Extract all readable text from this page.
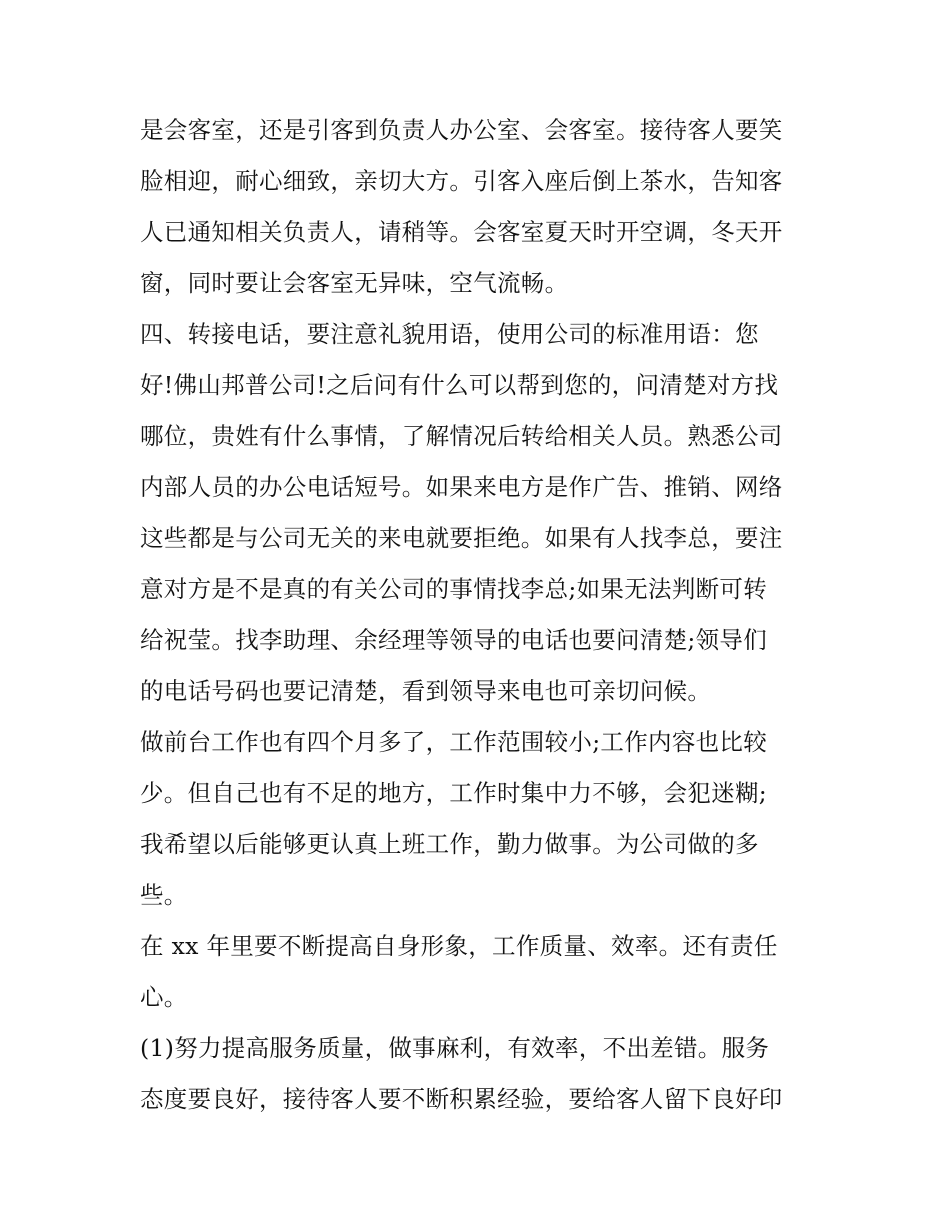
是会客室，还是引客到负责人办公室、会客室。接待客人要笑
脸相迎，耐心细致，亲切大方。引客入座后倒上茶水，告知客
人已通知相关负责人，请稍等。会客室夏天时开空调，冬天开
窗，同时要让会客室无异味，空气流畅。
四、转接电话，要注意礼貌用语，使用公司的标准用语：您
好!佛山邦普公司!之后问有什么可以帮到您的，问清楚对方找
哪位，贵姓有什么事情，了解情况后转给相关人员。熟悉公司
内部人员的办公电话短号。如果来电方是作广告、推销、网络
这些都是与公司无关的来电就要拒绝。如果有人找李总，要注
意对方是不是真的有关公司的事情找李总;如果无法判断可转
给祝莹。找李助理、余经理等领导的电话也要问清楚;领导们
的电话号码也要记清楚，看到领导来电也可亲切问候。
做前台工作也有四个月多了，工作范围较小;工作内容也比较
少。但自己也有不足的地方，工作时集中力不够，会犯迷糊;
我希望以后能够更认真上班工作，勤力做事。为公司做的多
些。
在 xx 年里要不断提高自身形象，工作质量、效率。还有责任
心。
(1)努力提高服务质量，做事麻利，有效率，不出差错。服务
态度要良好，接待客人要不断积累经验，要给客人留下良好印
